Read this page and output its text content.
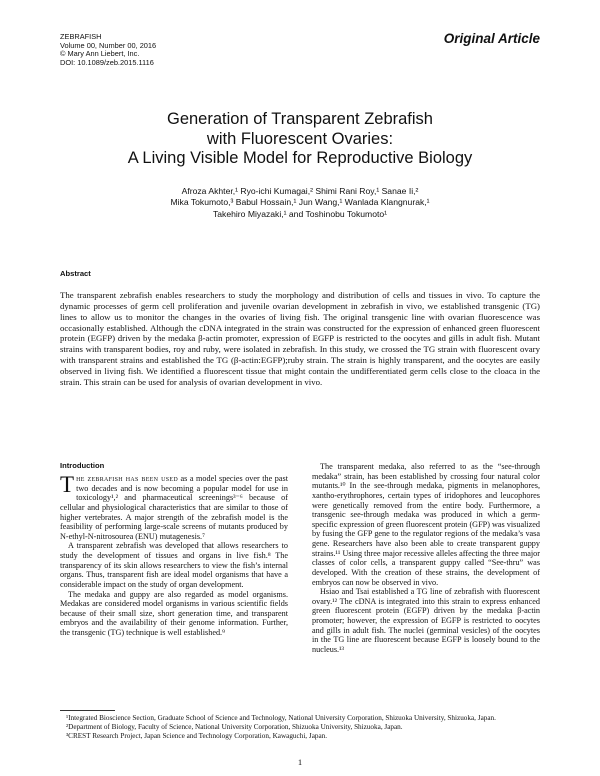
ZEBRAFISH
Volume 00, Number 00, 2016
© Mary Ann Liebert, Inc.
DOI: 10.1089/zeb.2015.1116
Original Article
Generation of Transparent Zebrafish
with Fluorescent Ovaries:
A Living Visible Model for Reproductive Biology
Afroza Akhter,¹ Ryo-ichi Kumagai,² Shimi Rani Roy,¹ Sanae Ii,²
Mika Tokumoto,³ Babul Hossain,¹ Jun Wang,¹ Wanlada Klangnurak,¹
Takehiro Miyazaki,¹ and Toshinobu Tokumoto¹
Abstract
The transparent zebrafish enables researchers to study the morphology and distribution of cells and tissues in vivo. To capture the dynamic processes of germ cell proliferation and juvenile ovarian development in zebrafish in vivo, we established transgenic (TG) lines to allow us to monitor the changes in the ovaries of living fish. The original transgenic line with ovarian fluorescence was occasionally established. Although the cDNA integrated in the strain was constructed for the expression of enhanced green fluorescent protein (EGFP) driven by the medaka β-actin promoter, expression of EGFP is restricted to the oocytes and gills in adult fish. Mutant strains with transparent bodies, roy and ruby, were isolated in zebrafish. In this study, we crossed the TG strain with fluorescent ovary with transparent strains and established the TG (β-actin:EGFP);ruby strain. The strain is highly transparent, and the oocytes are easily observed in living fish. We identified a fluorescent tissue that might contain the undifferentiated germ cells close to the cloaca in the strain. This strain can be used for analysis of ovarian development in vivo.
Introduction

The zebrafish has been used as a model species over the past two decades and is now becoming a popular model for use in toxicology¹,² and pharmaceutical screenings³⁻⁶ because of cellular and physiological characteristics that are similar to those of higher vertebrates. A major strength of the zebrafish model is the feasibility of performing large-scale screens of mutants produced by N-ethyl-N-nitrosourea (ENU) mutagenesis.⁷

A transparent zebrafish was developed that allows researchers to study the development of tissues and organs in live fish.⁸ The transparency of its skin allows researchers to view the fish’s internal organs. Thus, transparent fish are ideal model organisms that have a considerable impact on the study of organ development.

The medaka and guppy are also regarded as model organisms. Medakas are considered model organisms in various scientific fields because of their small size, short generation time, and transparent embryos and the availability of their genome information. Further, the transgenic (TG) technique is well established.⁹

The transparent medaka, also referred to as the “see-through medaka” strain, has been established by crossing four natural color mutants.¹⁰ In the see-through medaka, pigments in melanophores, xantho-erythrophores, certain types of iridophores and leucophores were genetically removed from the entire body. Furthermore, a transgenic see-through medaka was produced in which a germ-specific expression of green fluorescent protein (GFP) was visualized by fusing the GFP gene to the regulator regions of the medaka’s vasa gene. Researchers have also been able to create transparent guppy strains.¹¹ Using three major recessive alleles affecting the three major classes of color cells, a transparent guppy called “See-thru” was developed. With the creation of these strains, the development of embryos can now be observed in vivo.

Hsiao and Tsai established a TG line of zebrafish with fluorescent ovary.¹² The cDNA is integrated into this strain to express enhanced green fluorescent protein (EGFP) driven by the medaka β-actin promoter; however, the expression of EGFP is restricted to oocytes and gills in adult fish. The nuclei (germinal vesicles) of the oocytes in the TG line are fluorescent because EGFP is loosely bound to the nucleus.¹³

¹Integrated Bioscience Section, Graduate School of Science and Technology, National University Corporation, Shizuoka University, Shizuoka, Japan.
²Department of Biology, Faculty of Science, National University Corporation, Shizuoka University, Shizuoka, Japan.
³CREST Research Project, Japan Science and Technology Corporation, Kawaguchi, Japan.
1
